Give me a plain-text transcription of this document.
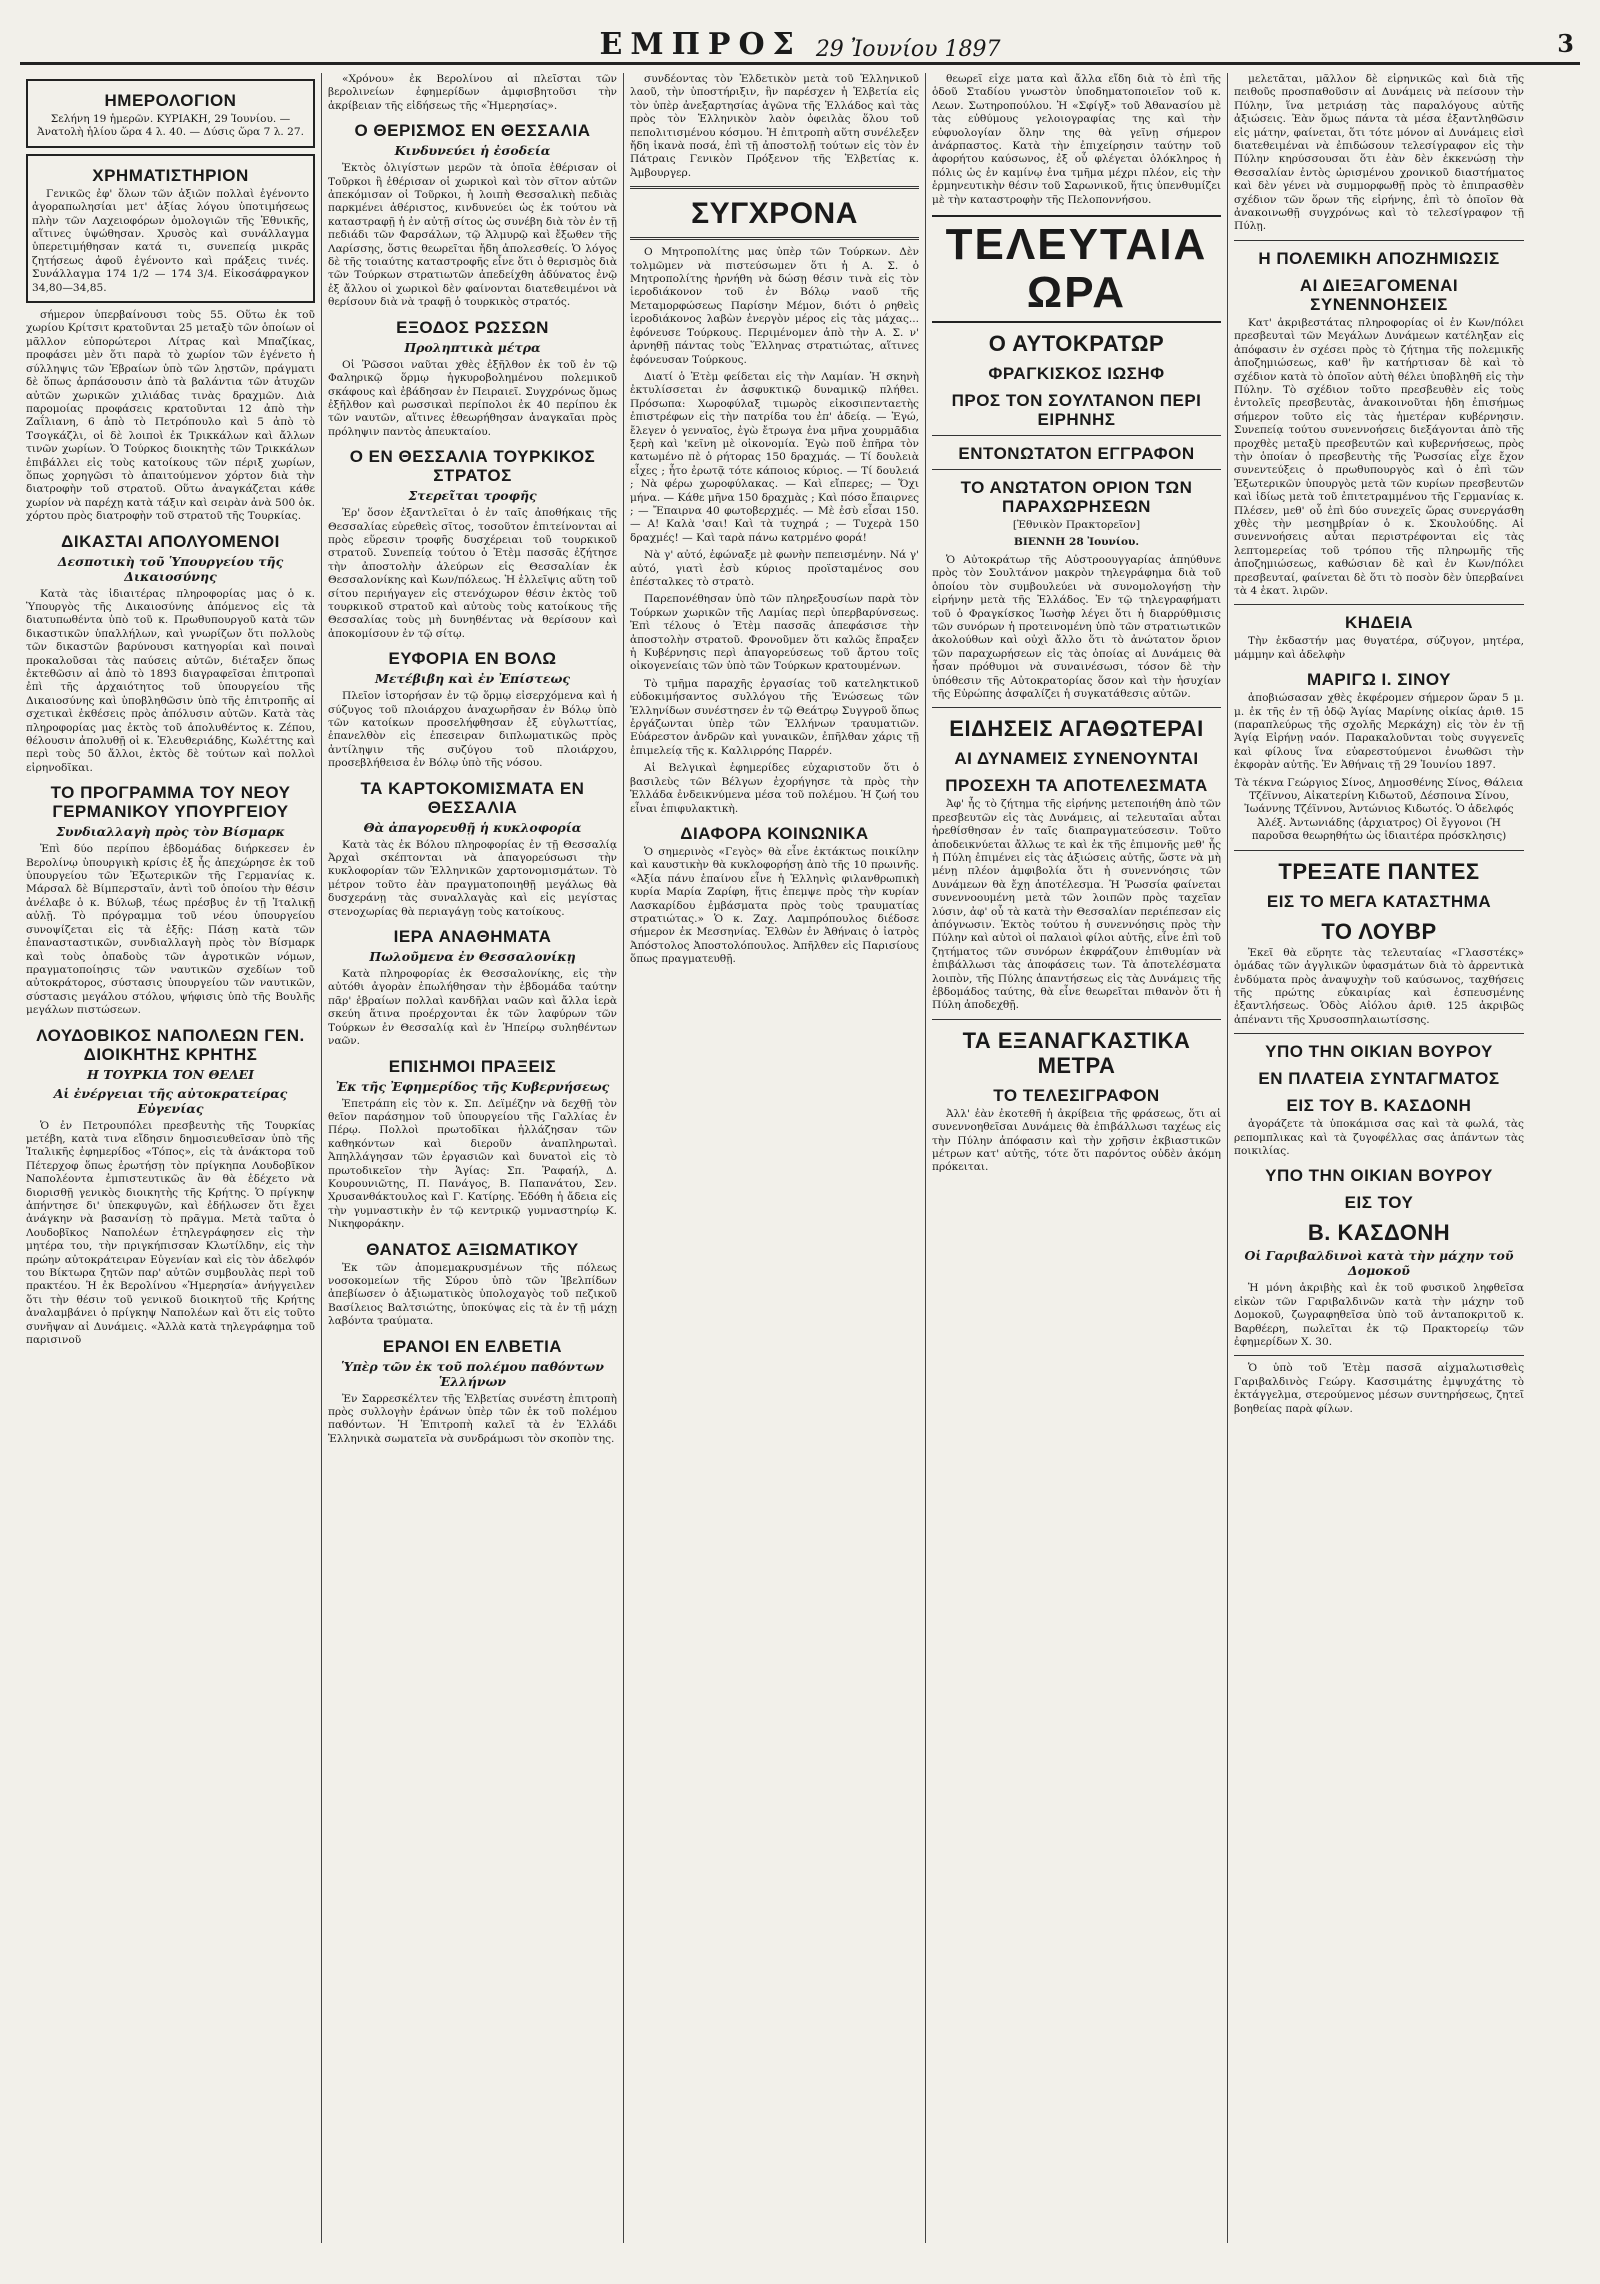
ΕΜΠΡΟΣ 29 Ἰουνίου 1897	3
ΗΜΕΡΟΛΟΓΙΟΝ

Σελήνη 19 ἡμερῶν. ΚΥΡΙΑΚΗ, 29 Ἰουνίου. — Ἀνατολὴ ἡλίου ὥρα 4 λ. 40. — Δύσις ὥρα 7 λ. 27.

ΧΡΗΜΑΤΙΣΤΗΡΙΟΝ

Γενικῶς ἐφ' ὅλων τῶν ἀξιῶν πολλαὶ ἐγένοντο ἀγοραπωλησίαι μετ' ἀξίας λόγου ὑποτιμήσεως πλὴν τῶν Λαχειοφόρων ὁμολογιῶν τῆς Ἐθνικῆς, αἵτινες ὑψώθησαν. Χρυσὸς καὶ συνάλλαγμα ὑπερετιμήθησαν κατά τι, συνεπείᾳ μικρᾶς ζητήσεως ἀφοῦ ἐγένοντο καὶ πράξεις τινές. Συνάλλαγμα 174 1/2 — 174 3/4. Εἰκοσάφραγκον 34,80—34,85.

σήμερον ὑπερβαίνουσι τοὺς 55. Οὕτω ἐκ τοῦ χωρίου Κρίτσιτ κρατοῦνται 25 μεταξὺ τῶν ὁποίων οἱ μᾶλλον εὐπορώτεροι Λίτρας καὶ Μπαζίκας, προφάσει μὲν ὅτι παρὰ τὸ χωρίον τῶν ἐγένετο ἡ σύλληψις τῶν Ἑβραίων ὑπὸ τῶν λῃστῶν, πράγματι δὲ ὅπως ἀρπάσουσιν ἀπὸ τὰ βαλάντια τῶν ἀτυχῶν αὐτῶν χωρικῶν χιλιάδας τινὰς δραχμῶν. Διὰ παρομοίας προφάσεις κρατοῦνται 12 ἀπὸ τὴν Ζαΐλιανη, 6 ἀπὸ τὸ Πετρόπουλο καὶ 5 ἀπὸ τὸ Τσογκάζλι, οἱ δὲ λοιποὶ ἐκ Τρικκάλων καὶ ἄλλων τινῶν χωρίων. Ὁ Τούρκος διοικητὴς τῶν Τρικκάλων ἐπιβάλλει εἰς τοὺς κατοίκους τῶν πέριξ χωρίων, ὅπως χορηγῶσι τὸ ἀπαιτούμενον χόρτον διὰ τὴν διατροφὴν τοῦ στρατοῦ. Οὕτω ἀναγκάζεται κάθε χωρίον νὰ παρέχῃ κατὰ τάξιν καὶ σειρὰν ἀνὰ 500 ὀκ. χόρτου πρὸς διατροφὴν τοῦ στρατοῦ τῆς Τουρκίας.

ΔΙΚΑΣΤΑΙ ΑΠΟΛΥΟΜΕΝΟΙ
Δεσποτικὴ τοῦ Ὑπουργείου τῆς Δικαιοσύνης

Κατὰ τὰς ἰδιαιτέρας πληροφορίας μας ὁ κ. Ὑπουργὸς τῆς Δικαιοσύνης ἀπόμενος εἰς τὰ διατυπωθέντα ὑπὸ τοῦ κ. Πρωθυπουργοῦ κατὰ τῶν δικαστικῶν ὑπαλλήλων, καὶ γνωρίζων ὅτι πολλοὺς τῶν δικαστῶν βαρύνουσι κατηγορίαι καὶ ποιναὶ προκαλοῦσαι τὰς παύσεις αὐτῶν, διέταξεν ὅπως ἐκτεθῶσιν αἱ ἀπὸ τὸ 1893 διαγραφεῖσαι ἐπιτροπαὶ ἐπὶ τῆς ἀρχαιότητος τοῦ ὑπουργείου τῆς Δικαιοσύνης καὶ ὑποβληθῶσιν ὑπὸ τῆς ἐπιτροπῆς αἱ σχετικαὶ ἐκθέσεις πρὸς ἀπόλυσιν αὐτῶν. Κατὰ τὰς πληροφορίας μας ἐκτὸς τοῦ ἀπολυθέντος κ. Ζέπου, θέλουσιν ἀπολυθῇ οἱ κ. Ἐλευθεριάδης, Κωλέττης καὶ περὶ τοὺς 50 ἄλλοι, ἐκτὸς δὲ τούτων καὶ πολλοὶ εἰρηνοδῖκαι.

ΤΟ ΠΡΟΓΡΑΜΜΑ ΤΟΥ ΝΕΟΥ ΓΕΡΜΑΝΙΚΟΥ ΥΠΟΥΡΓΕΙΟΥ
Συνδιαλλαγὴ πρὸς τὸν Βίσμαρκ

Ἐπὶ δύο περίπου ἑβδομάδας διήρκεσεν ἐν Βερολίνῳ ὑπουργικὴ κρίσις ἐξ ἧς ἀπεχώρησε ἐκ τοῦ ὑπουργείου τῶν Ἐξωτερικῶν τῆς Γερμανίας κ. Μάρσαλ δὲ Βίμπερσταϊν, ἀντὶ τοῦ ὁποίου τὴν θέσιν ἀνέλαβε ὁ κ. Βύλωβ, τέως πρέσβυς ἐν τῇ Ἰταλικῇ αὐλῇ. Τὸ πρόγραμμα τοῦ νέου ὑπουργείου συνοψίζεται εἰς τὰ ἑξῆς: Πάσῃ κατὰ τῶν ἐπανασταστικῶν, συνδιαλλαγὴ πρὸς τὸν Βίσμαρκ καὶ τοὺς ὀπαδοὺς τῶν ἀγροτικῶν νόμων, πραγματοποίησις τῶν ναυτικῶν σχεδίων τοῦ αὐτοκράτορος, σύστασις ὑπουργείου τῶν ναυτικῶν, σύστασις μεγάλου στόλου, ψήφισις ὑπὸ τῆς Βουλῆς μεγάλων πιστώσεων.

ΛΟΥΔΟΒΙΚΟΣ ΝΑΠΟΛΕΩΝ ΓΕΝ. ΔΙΟΙΚΗΤΗΣ ΚΡΗΤΗΣ
Η ΤΟΥΡΚΙΑ ΤΟΝ ΘΕΛΕΙ
Αἱ ἐνέργειαι τῆς αὐτοκρατείρας Εὐγενίας

Ὁ ἐν Πετρουπόλει πρεσβευτὴς τῆς Τουρκίας μετέβη, κατὰ τινα εἴδησιν δημοσιευθεῖσαν ὑπὸ τῆς Ἰταλικῆς ἐφημερίδος «Τόπος», εἰς τὰ ἀνάκτορα τοῦ Πέτερχοφ ὅπως ἐρωτήσῃ τὸν πρίγκηπα Λουδοβῖκον Ναπολέοντα ἐμπιστευτικῶς ἂν θὰ ἐδέχετο νὰ διορισθῇ γενικὸς διοικητὴς τῆς Κρήτης. Ὁ πρίγκηψ ἀπήντησε δι' ὑπεκφυγῶν, καὶ ἐδήλωσεν ὅτι ἔχει ἀνάγκην νὰ βασανίσῃ τὸ πρᾶγμα. Μετὰ ταῦτα ὁ Λουδοβῖκος Ναπολέων ἐτηλεγράφησεν εἰς τὴν μητέρα του, τὴν πριγκήπισσαν Κλωτίλδην, εἰς τὴν πρώην αὐτοκράτειραν Εὐγενίαν καὶ εἰς τὸν ἀδελφόν του Βίκτωρα ζητῶν παρ' αὐτῶν συμβουλὰς περὶ τοῦ πρακτέου. Ἡ ἐκ Βερολίνου «Ἡμερησία» ἀνήγγειλεν ὅτι τὴν θέσιν τοῦ γενικοῦ διοικητοῦ τῆς Κρήτης ἀναλαμβάνει ὁ πρίγκηψ Ναπολέων καὶ ὅτι εἰς τοῦτο συνῆψαν αἱ Δυνάμεις. «Ἀλλὰ κατὰ τηλεγράφημα τοῦ παρισινοῦ

«Χρόνου» ἐκ Βερολίνου αἱ πλεῖσται τῶν βερολινείων ἐφημερίδων ἀμφισβητοῦσι τὴν ἀκρίβειαν τῆς εἰδήσεως τῆς «Ἡμερησίας».

Ο ΘΕΡΙΣΜΟΣ ΕΝ ΘΕΣΣΑΛΙΑ
Κινδυνεύει ἡ ἐσοδεία

Ἐκτὸς ὀλιγίστων μερῶν τὰ ὁποῖα ἐθέρισαν οἱ Τοῦρκοι ἢ ἐθέρισαν οἱ χωρικοὶ καὶ τὸν σῖτον αὐτῶν ἀπεκόμισαν οἱ Τοῦρκοι, ἡ λοιπὴ Θεσσαλικὴ πεδιὰς παρκμένει ἀθέριστος, κινδυνεύει ὡς ἐκ τούτου νὰ καταστραφῇ ἡ ἐν αὐτῇ σίτος ὡς συνέβη διὰ τὸν ἐν τῇ πεδιάδι τῶν Φαρσάλων, τῷ Ἁλμυρῷ καὶ ἔξωθεν τῆς Λαρίσσης, ὅστις θεωρεῖται ἤδη ἀπολεσθείς. Ὁ λόγος δὲ τῆς τοιαύτης καταστροφῆς εἶνε ὅτι ὁ θερισμὸς διὰ τῶν Τούρκων στρατιωτῶν ἀπεδείχθη ἀδύνατος ἐνῷ ἐξ ἄλλου οἱ χωρικοὶ δὲν φαίνονται διατεθειμένοι νὰ θερίσουν διὰ νὰ τραφῇ ὁ τουρκικὸς στρατός.

ΕΞΟΔΟΣ ΡΩΣΣΩΝ
Προληπτικὰ μέτρα

Οἱ Ῥῶσσοι ναῦται χθὲς ἐξῆλθον ἐκ τοῦ ἐν τῷ Φαληρικῷ ὅρμῳ ἡγκυροβολημένου πολεμικοῦ σκάφους καὶ ἐβάδησαν ἐν Πειραιεῖ. Συγχρόνως ὅμως ἐξῆλθον καὶ ρωσσικαὶ περίπολοι ἐκ 40 περίπου ἐκ τῶν ναυτῶν, αἵτινες ἐθεωρήθησαν ἀναγκαῖαι πρὸς πρόληψιν παντὸς ἀπευκταίου.

Ο ΕΝ ΘΕΣΣΑΛΙΑ ΤΟΥΡΚΙΚΟΣ ΣΤΡΑΤΟΣ
Στερεῖται τροφῆς

Ἐρ' ὅσον ἐξαντλεῖται ὁ ἐν ταῖς ἀποθήκαις τῆς Θεσσαλίας εὑρεθεὶς σῖτος, τοσοῦτον ἐπιτείνονται αἱ πρὸς εὕρεσιν τροφῆς δυσχέρειαι τοῦ τουρκικοῦ στρατοῦ. Συνεπείᾳ τούτου ὁ Ἐτὲμ πασσᾶς ἐζήτησε τὴν ἀποστολὴν ἀλεύρων εἰς Θεσσαλίαν ἐκ Θεσσαλονίκης καὶ Κων/πόλεως. Ἡ ἐλλεῖψις αὕτη τοῦ σίτου περιήγαγεν εἰς στενόχωρον θέσιν ἐκτὸς τοῦ τουρκικοῦ στρατοῦ καὶ αὐτοὺς τοὺς κατοίκους τῆς Θεσσαλίας τοὺς μὴ δυνηθέντας νὰ θερίσουν καὶ ἀποκομίσουν ἐν τῷ σίτῳ.

ΕΥΦΟΡΙΑ ΕΝ ΒΟΛΩ
Μετέβιβη καὶ ἐν Ἐπίστεως

Πλεῖον ἰστορήσαν ἐν τῷ ὅρμῳ εἰσερχόμενα καὶ ἡ σύζυγος τοῦ πλοιάρχου ἀναχωρῆσαν ἐν Βόλῳ ὑπὸ τῶν κατοίκων προσελήφθησαν ἐξ εὐγλωττίας, ἐπανελθὸν εἰς ἐπεσειραν διπλωματικῶς πρὸς ἀντίληψιν τῆς συζύγου τοῦ πλοιάρχου, προσεβλήθεισα ἐν Βόλῳ ὑπὸ τῆς νόσου.

ΤΑ ΚΑΡΤΟΚΟΜΙΣΜΑΤΑ ΕΝ ΘΕΣΣΑΛΙΑ
Θὰ ἀπαγορευθῇ ἡ κυκλοφορία

Κατὰ τὰς ἐκ Βόλου πληροφορίας ἐν τῇ Θεσσαλίᾳ Ἀρχαὶ σκέπτονται νὰ ἀπαγορεύσωσι τὴν κυκλοφορίαν τῶν Ἑλληνικῶν χαρτονομισμάτων. Τὸ μέτρον τοῦτο ἐὰν πραγματοποιηθῇ μεγάλως θὰ δυσχεράνῃ τὰς συναλλαγὰς καὶ εἰς μεγίστας στενοχωρίας θὰ περιαγάγῃ τοὺς κατοίκους.

ΙΕΡΑ ΑΝΑΘΗΜΑΤΑ
Πωλοῦμενα ἐν Θεσσαλονίκῃ

Κατὰ πληροφορίας ἐκ Θεσσαλονίκης, εἰς τὴν αὐτόθι ἀγορὰν ἐπωλήθησαν τὴν ἑβδομάδα ταύτην πᾶρ' ἑβραίων πολλαὶ κανδῆλαι ναῶν καὶ ἄλλα ἱερὰ σκεύη ἅτινα προέρχονται ἐκ τῶν λαφύρων τῶν Τούρκων ἐν Θεσσαλίᾳ καὶ ἐν Ἠπείρῳ συληθέντων ναῶν.

ΕΠΙΣΗΜΟΙ ΠΡΑΞΕΙΣ
Ἐκ τῆς Ἐφημερίδος τῆς Κυβερνήσεως

Ἐπετράπη εἰς τὸν κ. Σπ. Δεϊμέζην νὰ δεχθῇ τὸν θεῖον παράσημον τοῦ ὑπουργείου τῆς Γαλλίας ἐν Πέρῳ. Πολλοὶ πρωτοδῖκαι ἠλλάζησαν τῶν καθηκόντων καὶ διεροῦν ἀναπληρωταὶ. Ἀπηλλάγησαν τῶν ἐργασιῶν καὶ δυνατοὶ εἰς τὸ πρωτοδικεῖον τὴν Ἁγίας: Σπ. Ῥαφαήλ, Δ. Κουρουνιῶτης, Π. Πανάγος, Β. Παπανάτου, Σεν. Χρυσανθάκτουλος καὶ Γ. Κατίρης. Ἐδόθη ἡ ἄδεια εἰς τὴν γυμναστικὴν ἐν τῷ κεντρικῷ γυμναστηρίῳ Κ. Νικηφοράκην.

ΘΑΝΑΤΟΣ ΑΞΙΩΜΑΤΙΚΟΥ

Ἐκ τῶν ἀπομεμακρυσμένων τῆς πόλεως νοσοκομείων τῆς Σύρου ὑπὸ τῶν Ἰβελπίδων ἀπεβίωσεν ὁ ἀξιωματικὸς ὑπολοχαγὸς τοῦ πεζικοῦ Βασίλειος Βαλτσιώτης, ὑποκύψας εἰς τὰ ἐν τῇ μάχῃ λαβόντα τραύματα.

ΕΡΑΝΟΙ ΕΝ ΕΛΒΕΤΙΑ
Ὑπὲρ τῶν ἐκ τοῦ πολέμου παθόντων Ἑλλήνων

Ἐν Σαρρεσκέλτεν τῆς Ἑλβετίας συνέστη ἐπιτροπὴ πρὸς συλλογὴν ἐράνων ὑπὲρ τῶν ἐκ τοῦ πολέμου παθόντων. Ἡ Ἐπιτροπὴ καλεῖ τὰ ἐν Ἑλλάδι Ἑλληνικὰ σωματεῖα νὰ συνδράμωσι τὸν σκοπὸν της.

συνδέοντας τὸν Ἐλδετικὸν μετὰ τοῦ Ἑλληνικοῦ λαοῦ, τὴν ὑποστήριξιν, ἣν παρέσχεν ἡ Ἑλβετία εἰς τὸν ὑπὲρ ἀνεξαρτησίας ἀγῶνα τῆς Ἑλλάδος καὶ τὰς πρὸς τὸν Ἑλληνικὸν λαὸν ὀφειλὰς ὅλου τοῦ πεπολιτισμένου κόσμου. Ἡ ἐπιτροπὴ αὕτη συνέλεξεν ἤδη ἱκανὰ ποσά, ἐπὶ τῇ ἀποστολῇ τούτων εἰς τὸν ἐν Πάτραις Γενικὸν Πρόξενον τῆς Ἑλβετίας κ. Ἀμβουργερ.

ΣΥΓΧΡΟΝΑ

Ο Μητροπολίτης μας ὑπὲρ τῶν Τούρκων. Δὲν τολμῶμεν νὰ πιστεύσωμεν ὅτι ἡ Α. Σ. ὁ Μητροπολίτης ἠρνήθη νὰ δώσῃ θέσιν τινὰ εἰς τὸν ἱεροδιάκονον τοῦ ἐν Βόλῳ ναοῦ τῆς Μεταμορφώσεως Παρίσην Μέμον, διότι ὁ ρηθεὶς ἱεροδιάκονος λαβὼν ἐνεργὸν μέρος εἰς τὰς μάχας... ἐφόνευσε Τούρκους. Περιμένομεν ἀπὸ τὴν Α. Σ. ν' ἀρνηθῇ πάντας τοὺς Ἕλληνας στρατιώτας, αἵτινες ἐφόνευσαν Τούρκους.

Διατί ὁ Ἐτὲμ φείδεται εἰς τὴν Λαμίαν. Ἡ σκηνὴ ἐκτυλίσσεται ἐν ἀσφυκτικῷ δυναμικῷ πλήθει. Πρόσωπα: Χωροφύλαξ τιμωρὸς εἰκοσιπενταετὴς ἐπιστρέφων εἰς τὴν πατρίδα του ἐπ' ἀδείᾳ. — Ἐγώ, ἔλεγεν ὁ γενναῖος, ἐγὼ ἔτρωγα ἐνα μῆνα χουρμᾶδια ξερὴ καὶ 'κεῖνη μὲ οἰκονομία. Ἐγὼ ποῦ ἐπῆρα τὸν κατωμένο πὲ ὁ ρήτορας 150 δραχμάς. — Τί δουλειὰ εἶχες ; ἦτο ἐρωτᾷ τότε κάποιος κύριος. — Τί δουλειά ; Νὰ φέρω χωροφύλακας. — Καὶ εἴπερες; — Ὅχι μήνα. — Κάθε μῆνα 150 δραχμὰς ; Καὶ πόσο ἔπαιρνες ; — Ἔπαιρνα 40 φωτοβερχμές. — Μὲ ἐσὺ εἶσαι 150. — Α! Καλὰ 'σαι! Καὶ τὰ τυχηρά ; — Τυχερὰ 150 δραχμές! — Καὶ ταρὰ πάνω κατρμένο φορά!

Νὰ γ' αὐτό, ἐφώναξε μὲ φωνὴν πεπεισμένην. Νά γ' αὐτό, γιατὶ ἐσὺ κύριος προϊσταμένος σου ἐπέσταλκες τὸ στρατὸ.

Παρεπονέθησαν ὑπὸ τῶν πληρεξουσίων παρὰ τὸν Τούρκων χωρικῶν τῆς Λαμίας περὶ ὑπερβαρύνσεως. Ἐπὶ τέλους ὁ Ἐτὲμ πασσᾶς ἀπεφάσισε τὴν ἀποστολὴν στρατοῦ. Φρονοῦμεν ὅτι καλῶς ἔπραξεν ἡ Κυβέρνησις περὶ ἀπαγορεύσεως τοῦ ἄρτου τοῖς οἰκογενείαις τῶν ὑπὸ τῶν Τούρκων κρατουμένων.

Τὸ τμῆμα παραχῆς ἐργασίας τοῦ κατεληκτικοῦ εὐδοκιμήσαντος συλλόγου τῆς Ἑνώσεως τῶν Ἑλληνίδων συνέστησεν ἐν τῷ Θεάτρῳ Συγγροῦ ὅπως ἐργάζωνται ὑπὲρ τῶν Ἑλλήνων τραυματιῶν. Εὐάρεστον ἀνδρῶν καὶ γυναικῶν, ἐπῆλθαν χάρις τῇ ἐπιμελείᾳ τῆς κ. Καλλιρρόης Παρρέν.

Αἱ Βελγικαὶ ἐφημερίδες εὐχαριστοῦν ὅτι ὁ βασιλεὺς τῶν Βέλγων ἐχορήγησε τὰ πρὸς τὴν Ἑλλάδα ἐνδεικνύμενα μέσα τοῦ πολέμου. Ἡ ζωή του εἶναι ἐπιφυλακτικὴ.

ΔΙΑΦΟΡΑ ΚΟΙΝΩΝΙΚΑ

Ὁ σημερινὸς «Γεγὸς» θὰ εἶνε ἐκτάκτως ποικίλην καὶ καυστικὴν θὰ κυκλοφορήσῃ ἀπὸ τῆς 10 πρωινῆς. «Ἀξία πάνυ ἐπαίνου εἶνε ἡ Ἑλληνὶς φιλανθρωπικὴ κυρία Μαρία Ζαρίφη, ἥτις ἐπεμψε πρὸς τὴν κυρίαν Λασκαρίδου ἐμβάσματα πρὸς τοὺς τραυματίας στρατιώτας.» Ὁ κ. Ζαχ. Λαμπρόπουλος διέδοσε σήμερον ἐκ Μεσσηνίας. Ἐλθὼν ἐν Ἀθήναις ὁ ἰατρὸς Ἀπόστολος Ἀποστολόπουλος. Ἀπῆλθεν εἰς Παρισίους ὅπως πραγματευθῇ.

θεωρεῖ εἶχε ματα καὶ ἄλλα εἴδη διὰ τὸ ἐπὶ τῆς ὁδοῦ Σταδίου γνωστὸν ὑποδηματοποιεῖον τοῦ κ. Λεων. Σωτηροπούλου. Ἡ «Σφίγξ» τοῦ Ἀθανασίου μὲ τὰς εὐθύμους γελοιογραφίας της καὶ τὴν εὐφυολογίαν ὅλην της θὰ γεῖνῃ σήμερον ἀνάρπαστος. Κατὰ τὴν ἐπιχείρησιν ταύτην τοῦ ἀφορήτου καύσωνος, ἐξ οὗ φλέγεται ὁλόκληρος ἡ πόλις ὡς ἐν καμίνῳ ἐνα τμῆμα μέχρι πλέον, εἰς τὴν ἑρμηνευτικὴν θέσιν τοῦ Σαρωνικοῦ, ἥτις ὑπενθυμίζει μὲ τὴν καταστροφὴν τῆς Πελοποννήσου.

ΤΕΛΕΥΤΑΙΑ ΩΡΑ
Ο ΑΥΤΟΚΡΑΤΩΡ
ΦΡΑΓΚΙΣΚΟΣ ΙΩΣΗΦ
ΠΡΟΣ ΤΟΝ ΣΟΥΛΤΑΝΟΝ ΠΕΡΙ ΕΙΡΗΝΗΣ
ΕΝΤΟΝΩΤΑΤΟΝ ΕΓΓΡΑΦΟΝ
ΤΟ ΑΝΩΤΑΤΟΝ ΟΡΙΟΝ ΤΩΝ ΠΑΡΑΧΩΡΗΣΕΩΝ

[Ἐθνικὸν Πρακτορεῖον]

ΒΙΕΝΝΗ 28 Ἰουνίου.

Ὁ Αὐτοκράτωρ τῆς Αὐστροουγγαρίας ἀπηύθυνε πρὸς τὸν Σουλτάνον μακρὸν τηλεγράφημα διὰ τοῦ ὁποίου τὸν συμβουλεύει νὰ συνομολογήσῃ τὴν εἰρήνην μετὰ τῆς Ἑλλάδος. Ἐν τῷ τηλεγραφήματι τοῦ ὁ Φραγκίσκος Ἰωσὴφ λέγει ὅτι ἡ διαρρύθμισις τῶν συνόρων ἡ προτεινομένη ὑπὸ τῶν στρατιωτικῶν ἀκολούθων καὶ οὐχὶ ἄλλο ὅτι τὸ ἀνώτατον ὅριον τῶν παραχωρήσεων εἰς τὰς ὁποίας αἱ Δυνάμεις θὰ ἦσαν πρόθυμοι νὰ συναινέσωσι, τόσον δὲ τὴν ὑπόθεσιν τῆς Αὐτοκρατορίας ὅσον καὶ τὴν ἡσυχίαν τῆς Εὐρώπης ἀσφαλίζει ἡ συγκατάθεσις αὐτῶν.

ΕΙΔΗΣΕΙΣ ΑΓΑΘΩΤΕΡΑΙ
ΑΙ ΔΥΝΑΜΕΙΣ ΣΥΝΕΝΟΥΝΤΑΙ
ΠΡΟΣΕΧΗ ΤΑ ΑΠΟΤΕΛΕΣΜΑΤΑ

Ἀφ' ἧς τὸ ζήτημα τῆς εἰρήνης μετεποιήθη ἀπὸ τῶν πρεσβευτῶν εἰς τὰς Δυνάμεις, αἱ τελευταῖαι αὗται ἠρεθίσθησαν ἐν ταῖς διαπραγματεύσεσιν. Τοῦτο ἀποδεικνύεται ἄλλως τε καὶ ἐκ τῆς ἐπιμονῆς μεθ' ἧς ἡ Πύλη ἐπιμένει εἰς τὰς ἀξιώσεις αὐτῆς, ὥστε νὰ μὴ μένῃ πλέον ἀμφιβολία ὅτι ἡ συνεννόησις τῶν Δυνάμεων θὰ ἔχῃ ἀποτέλεσμα. Ἡ Ῥωσσία φαίνεται συνεννοουμένη μετὰ τῶν λοιπῶν πρὸς ταχεῖαν λύσιν, ἀφ' οὗ τὰ κατὰ τὴν Θεσσαλίαν περιέπεσαν εἰς ἀπόγνωσιν. Ἐκτὸς τούτου ἡ συνεννόησις πρὸς τὴν Πύλην καὶ αὐτοὶ οἱ παλαιοὶ φίλοι αὐτῆς, εἶνε ἐπὶ τοῦ ζητήματος τῶν συνόρων ἐκφράζουν ἐπιθυμίαν νὰ ἐπιβάλλωσι τὰς ἀποφάσεις των. Τὰ ἀποτελέσματα λοιπὸν, τῆς Πύλης ἀπαντήσεως εἰς τὰς Δυνάμεις τῆς ἐβδομάδος ταύτης, θὰ εἶνε θεωρεῖται πιθανὸν ὅτι ἡ Πύλη ἀποδεχθῇ.

ΤΑ ΕΞΑΝΑΓΚΑΣΤΙΚΑ ΜΕΤΡΑ
ΤΟ ΤΕΛΕΣΙΓΡΑΦΟΝ

Ἀλλ' ἐὰν ἐκοτεθῆ ἡ ἀκρίβεια τῆς φράσεως, ὅτι αἱ συνεννοηθεῖσαι Δυνάμεις θὰ ἐπιβάλλωσι ταχέως εἰς τὴν Πύλην ἀπόφασιν καὶ τὴν χρῆσιν ἐκβιαστικῶν μέτρων κατ' αὐτῆς, τότε ὅτι παρόντος οὐδὲν ἀκόμη πρόκειται.

μελετᾶται, μᾶλλον δὲ εἰρηνικῶς καὶ διὰ τῆς πειθοῦς προσπαθοῦσιν αἱ Δυνάμεις νὰ πείσουν τὴν Πύλην, ἵνα μετριάσῃ τὰς παραλόγους αὐτῆς ἀξιώσεις. Ἐὰν ὅμως πάντα τὰ μέσα ἐξαντληθῶσιν εἰς μάτην, φαίνεται, ὅτι τότε μόνον αἱ Δυνάμεις εἰσὶ διατεθειμέναι νὰ ἐπιδώσουν τελεσίγραφον εἰς τὴν Πύλην κηρύσσουσαι ὅτι ἐὰν δὲν ἐκκενώσῃ τὴν Θεσσαλίαν ἐντὸς ὡρισμένου χρονικοῦ διαστήματος καὶ δὲν γένει νὰ συμμορφωθῇ πρὸς τὸ ἐπιπρασθὲν σχέδιον τῶν ὅρων τῆς εἰρήνης, ἐπὶ τὸ ὁποῖον θὰ ἀνακοινωθῇ συγχρόνως καὶ τὸ τελεσίγραφον τῇ Πύλῃ.

Η ΠΟΛΕΜΙΚΗ ΑΠΟΖΗΜΙΩΣΙΣ
ΑΙ ΔΙΕΞΑΓΟΜΕΝΑΙ ΣΥΝΕΝΝΟΗΣΕΙΣ

Κατ' ἀκριβεστάτας πληροφορίας οἱ ἐν Κων/πόλει πρεσβευταὶ τῶν Μεγάλων Δυνάμεων κατέληξαν εἰς ἀπόφασιν ἐν σχέσει πρὸς τὸ ζήτημα τῆς πολεμικῆς ἀποζημιώσεως, καθ' ἣν κατήρτισαν δὲ καὶ τὸ σχέδιον κατὰ τὸ ὁποῖον αὐτὴ θέλει ὑποβληθῆ εἰς τὴν Πύλην. Τὸ σχέδιον τοῦτο πρεσβευθὲν εἰς τοὺς ἐντολεῖς πρεσβευτὰς, ἀνακοινοῦται ἡδη ἐπισήμως σήμερον τοῦτο εἰς τὰς ἡμετέραν κυβέρνησιν. Συνεπείᾳ τούτου συνεννοήσεις διεξάγονται ἀπὸ τῆς προχθὲς μεταξὺ πρεσβευτῶν καὶ κυβερνήσεως, πρὸς τὴν ὁποίαν ὁ πρεσβευτὴς τῆς Ῥωσσίας εἶχε ἔχον συνεντεύξεις ὁ πρωθυπουργὸς καὶ ὁ ἐπὶ τῶν Ἐξωτερικῶν ὑπουργὸς μετὰ τῶν κυρίων πρεσβευτῶν καὶ ἰδίως μετὰ τοῦ ἐπιτετραμμένου τῆς Γερμανίας κ. Πλέσεν, μεθ' οὗ ἐπὶ δύο συνεχεῖς ὥρας συνεργάσθη χθὲς τὴν μεσημβρίαν ὁ κ. Σκουλούδης. Αἱ συνεννοήσεις αὗται περιστρέφονται εἰς τὰς λεπτομερείας τοῦ τρόπου τῆς πληρωμῆς τῆς ἀποζημιώσεως, καθώσιαν δὲ καὶ ἐν Κων/πόλει πρεσβευταί, φαίνεται δὲ ὅτι τὸ ποσὸν δὲν ὑπερβαίνει τὰ 4 ἑκατ. λιρῶν.

ΚΗΔΕΙΑ

Τὴν ἐκδαστήν μας θυγατέρα, σύζυγον, μητέρα, μάμμην καὶ ἀδελφὴν

ΜΑΡΙΓΩ Ι. ΣΙΝΟΥ

ἀποβιώσασαν χθὲς ἐκφέρομεν σήμερον ὥραν 5 μ. μ. ἐκ τῆς ἐν τῇ ὁδῷ Ἁγίας Μαρίνης οἰκίας ἀριθ. 15 (παραπλεύρως τῆς σχολῆς Μερκάχη) εἰς τὸν ἐν τῇ Ἁγίᾳ Εἰρήνῃ ναόν. Παρακαλοῦνται τοὺς συγγενεῖς καὶ φίλους ἵνα εὐαρεστούμενοι ἐνωθῶσι τὴν ἐκφορὰν αὐτῆς. Ἐν Ἀθήναις τῇ 29 Ἰουνίου 1897.

Τὰ τέκνα Γεώργιος Σίνος, Δημοσθένης Σίνος, Θάλεια Τζέϊννου, Αἰκατερίνη Κιδωτοῦ, Δέσποινα Σίνου, Ἰωάννης Τζέϊννου, Ἀντώνιος Κιδωτός. Ὁ ἀδελφός Ἀλέξ. Ἀντωνιάδης (ἀρχιατρος) Οἱ ἔγγονοι (Ἡ παροῦσα θεωρηθήτω ὡς ἰδιαιτέρα πρόσκλησις)

ΤΡΕΞΑΤΕ ΠΑΝΤΕΣ
ΕΙΣ ΤΟ ΜΕΓΑ ΚΑΤΑΣΤΗΜΑ
ΤΟ ΛΟΥΒΡ

Ἐκεῖ θὰ εὕρητε τὰς τελευταίας «Γλασστέκς» ὁμάδας τῶν ἀγγλικῶν ὑφασμάτων διὰ τὸ ἀρρεντικὰ ἐνδύματα πρὸς ἀναψυχὴν τοῦ καύσωνος, ταχθήσεις τῆς πρώτης εὐκαιρίας καὶ ἐσπευσμένης ἐξαντλήσεως. Ὁδὸς Αἰόλου ἀριθ. 125 ἀκριβῶς ἀπέναντι τῆς Χρυσοσπηλαιωτίσσης.

ΥΠΟ ΤΗΝ ΟΙΚΙΑΝ ΒΟΥΡΟΥ
ΕΝ ΠΛΑΤΕΙΑ ΣΥΝΤΑΓΜΑΤΟΣ
ΕΙΣ ΤΟΥ Β. ΚΑΣΔΟΝΗ

ἀγοράζετε τὰ ὑποκάμισα σας καὶ τὰ φωλά, τὰς ρεπομπλικας καὶ τὰ ζυγοφέλλας σας ἀπάντων τὰς ποικιλίας.

ΥΠΟ ΤΗΝ ΟΙΚΙΑΝ ΒΟΥΡΟΥ
ΕΙΣ ΤΟΥ
Β. ΚΑΣΔΟΝΗ
Οἱ Γαριβαλδινοὶ κατὰ τὴν μάχην τοῦ Δομοκοῦ

Ἡ μόνη ἀκριβὴς καὶ ἐκ τοῦ φυσικοῦ ληφθεῖσα εἰκὼν τῶν Γαριβαλδινῶν κατὰ τὴν μάχην τοῦ Δομοκοῦ, ζωγραφηθεῖσα ὑπὸ τοῦ ἀνταποκριτοῦ κ. Βαρθέερη, πωλεῖται ἐκ τῷ Πρακτορείῳ τῶν ἐφημερίδων Χ. 30.

Ὁ ὑπὸ τοῦ Ἐτὲμ πασσᾶ αἰχμαλωτισθεὶς Γαριβαλδινὸς Γεώργ. Κασσιμάτης ἐμψυχάτης τὸ ἑκτάγγελμα, στερούμενος μέσων συντηρήσεως, ζητεῖ βοηθείας παρὰ φίλων.
